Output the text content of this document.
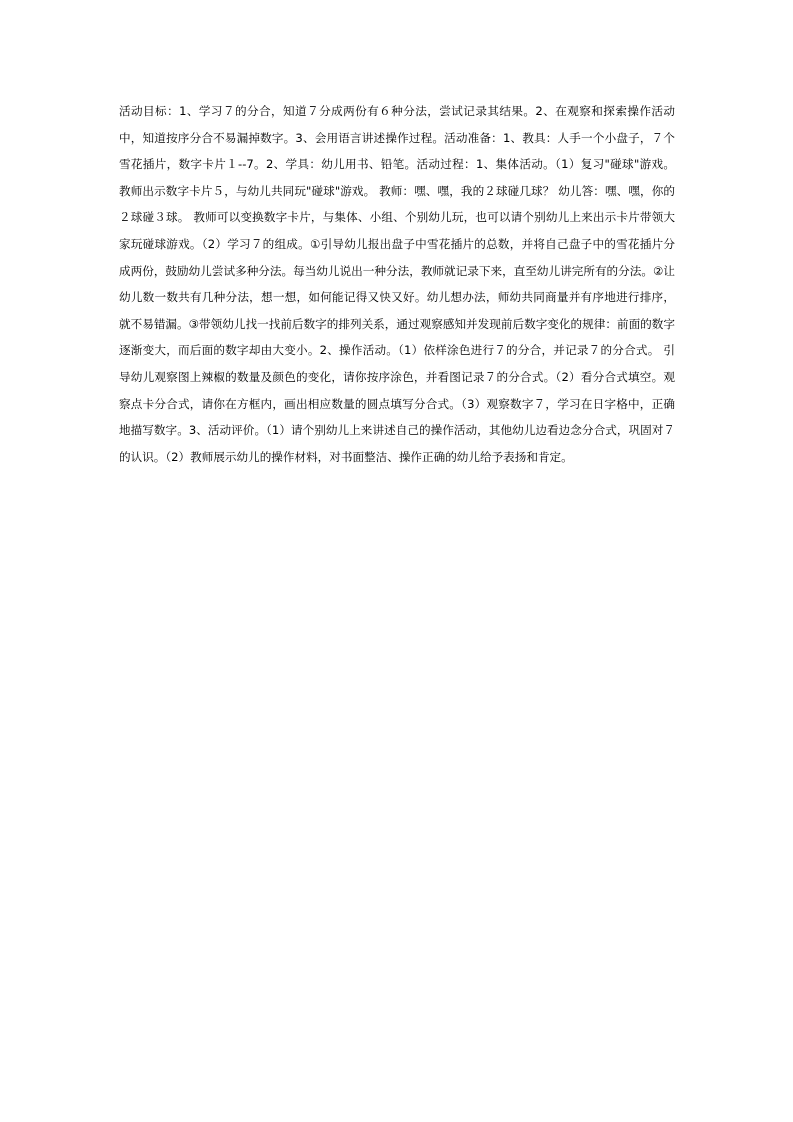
活动目标：1、学习７的分合，知道７分成两份有６种分法，尝试记录其结果。2、在观察和探索操作活动中，知道按序分合不易漏掉数字。3、会用语言讲述操作过程。活动准备：1、教具：人手一个小盘子，７个雪花插片，数字卡片１--7。2、学具：幼儿用书、铅笔。活动过程：1、集体活动。（1）复习"碰球"游戏。 教师出示数字卡片５，与幼儿共同玩"碰球"游戏。 教师：嘿、嘿，我的２球碰几球？ 幼儿答：嘿、嘿，你的２球碰３球。 教师可以变换数字卡片，与集体、小组、个别幼儿玩，也可以请个别幼儿上来出示卡片带领大家玩碰球游戏。（2）学习７的组成。①引导幼儿报出盘子中雪花插片的总数，并将自己盘子中的雪花插片分成两份，鼓励幼儿尝试多种分法。每当幼儿说出一种分法，教师就记录下来，直至幼儿讲完所有的分法。②让幼儿数一数共有几种分法，想一想，如何能记得又快又好。幼儿想办法，师幼共同商量并有序地进行排序，就不易错漏。③带领幼儿找一找前后数字的排列关系，通过观察感知并发现前后数字变化的规律：前面的数字逐渐变大，而后面的数字却由大变小。2、操作活动。（1）依样涂色进行７的分合，并记录７的分合式。 引导幼儿观察图上辣椒的数量及颜色的变化，请你按序涂色，并看图记录７的分合式。（2）看分合式填空。观察点卡分合式，请你在方框内，画出相应数量的圆点填写分合式。（3）观察数字７，学习在日字格中，正确地描写数字。3、活动评价。（1）请个别幼儿上来讲述自己的操作活动，其他幼儿边看边念分合式，巩固对７的认识。（2）教师展示幼儿的操作材料，对书面整洁、操作正确的幼儿给予表扬和肯定。
